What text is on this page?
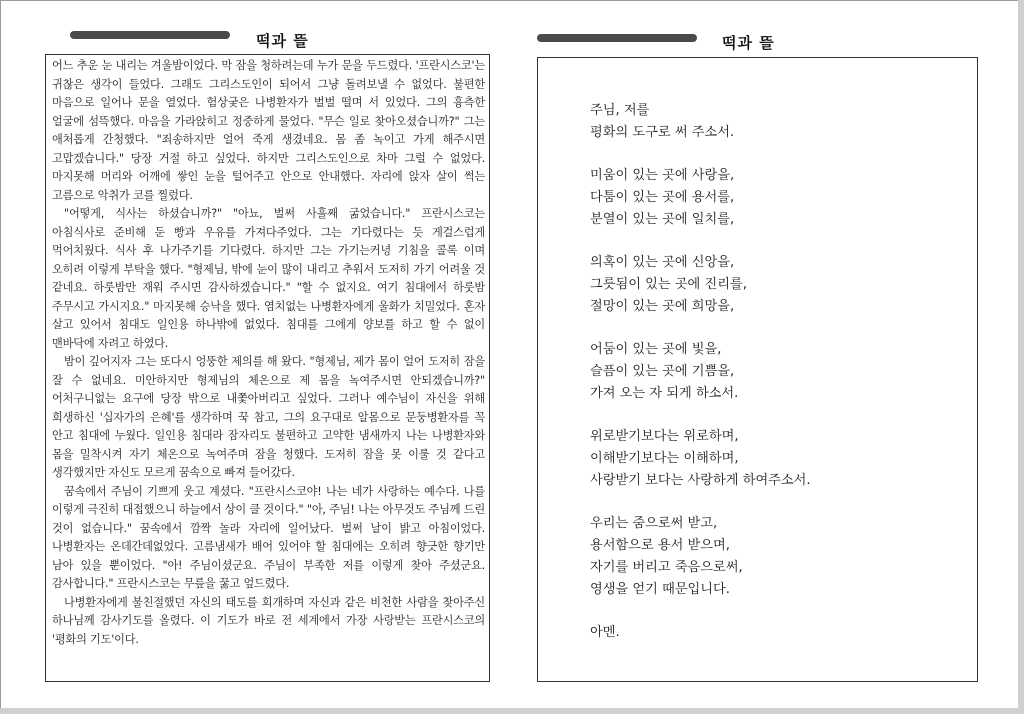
떡과 뜰	떡과 뜰

어느 추운 눈 내리는 겨울밤이었다. 막 잠을 청하려는데 누가 문을 두드렸다. '프란시스코'는 귀찮은 생각이 들었다. 그래도 그리스도인이 되어서 그냥 돌려보낼 수 없었다. 불편한 마음으로 일어나 문을 열었다. 험상궂은 나병환자가 벌벌 떨며 서 있었다. 그의 흉측한 얼굴에 섬뜩했다. 마음을 가라앉히고 정중하게 물었다. "무슨 일로 찾아오셨습니까?" 그는 애처롭게 간청했다. "죄송하지만 얼어 죽게 생겼네요. 몸 좀 녹이고 가게 해주시면 고맙겠습니다." 당장 거절 하고 싶었다. 하지만 그리스도인으로 차마 그럴 수 없었다. 마지못해 머리와 어깨에 쌓인 눈을 털어주고 안으로 안내했다. 자리에 앉자 살이 썩는 고름으로 악취가 코를 찔렀다.

"어떻게, 식사는 하셨습니까?" "아뇨, 벌써 사흘째 굶었습니다." 프란시스코는 아침식사로 준비해 둔 빵과 우유를 가져다주었다. 그는 기다렸다는 듯 게걸스럽게 먹어치웠다. 식사 후 나가주기를 기다렸다. 하지만 그는 가기는커녕 기침을 콜록 이며 오히려 이렇게 부탁을 했다. "형제님, 밖에 눈이 많이 내리고 추워서 도저히 가기 어려울 것 같네요. 하룻밤만 재워 주시면 감사하겠습니다." "할 수 없지요. 여기 침대에서 하룻밤 주무시고 가시지요." 마지못해 승낙을 했다. 염치없는 나병환자에게 울화가 치밀었다. 혼자 살고 있어서 침대도 일인용 하나밖에 없었다. 침대를 그에게 양보를 하고 할 수 없이 맨바닥에 자려고 하였다.

밤이 깊어지자 그는 또다시 엉뚱한 제의를 해 왔다. "형제님, 제가 몸이 얼어 도저히 잠을 잘 수 없네요. 미안하지만 형제님의 체온으로 제 몸을 녹여주시면 안되겠습니까?" 어처구니없는 요구에 당장 밖으로 내쫓아버리고 싶었다. 그러나 예수님이 자신을 위해 희생하신 '십자가의 은혜'를 생각하며 꾹 참고, 그의 요구대로 알몸으로 문둥병환자를 꼭 안고 침대에 누웠다. 일인용 침대라 잠자리도 불편하고 고약한 냄새까지 나는 나병환자와 몸을 밀착시켜 자기 체온으로 녹여주며 잠을 청했다. 도저히 잠을 못 이룰 것 같다고 생각했지만 자신도 모르게 꿈속으로 빠져 들어갔다.

꿈속에서 주님이 기쁘게 웃고 계셨다. "프란시스코야! 나는 네가 사랑하는 예수다. 나를 이렇게 극진히 대접했으니 하늘에서 상이 클 것이다." "아, 주님! 나는 아무것도 주님께 드린 것이 없습니다." 꿈속에서 깜짝 놀라 자리에 일어났다. 벌써 날이 밝고 아침이었다. 나병환자는 온데간데없었다. 고름냄새가 배어 있어야 할 침대에는 오히려 향긋한 향기만 남아 있을 뿐이었다. "아! 주님이셨군요. 주님이 부족한 저를 이렇게 찾아 주셨군요. 감사합니다." 프란시스코는 무릎을 꿇고 엎드렸다.

나병환자에게 불친절했던 자신의 태도를 회개하며 자신과 같은 비천한 사람을 찾아주신 하나님께 감사기도를 올렸다. 이 기도가 바로 전 세계에서 가장 사랑받는 프란시스코의 '평화의 기도'이다.

주님, 저를
평화의 도구로 써 주소서.
미움이 있는 곳에 사랑을,
다툼이 있는 곳에 용서를,
분열이 있는 곳에 일치를,
의혹이 있는 곳에 신앙을,
그릇됨이 있는 곳에 진리를,
절망이 있는 곳에 희망을,
어둠이 있는 곳에 빛을,
슬픔이 있는 곳에 기쁨을,
가져 오는 자 되게 하소서.
위로받기보다는 위로하며,
이해받기보다는 이해하며,
사랑받기 보다는 사랑하게 하여주소서.
우리는 줌으로써 받고,
용서함으로 용서 받으며,
자기를 버리고 죽음으로써,
영생을 얻기 때문입니다.
아멘.
